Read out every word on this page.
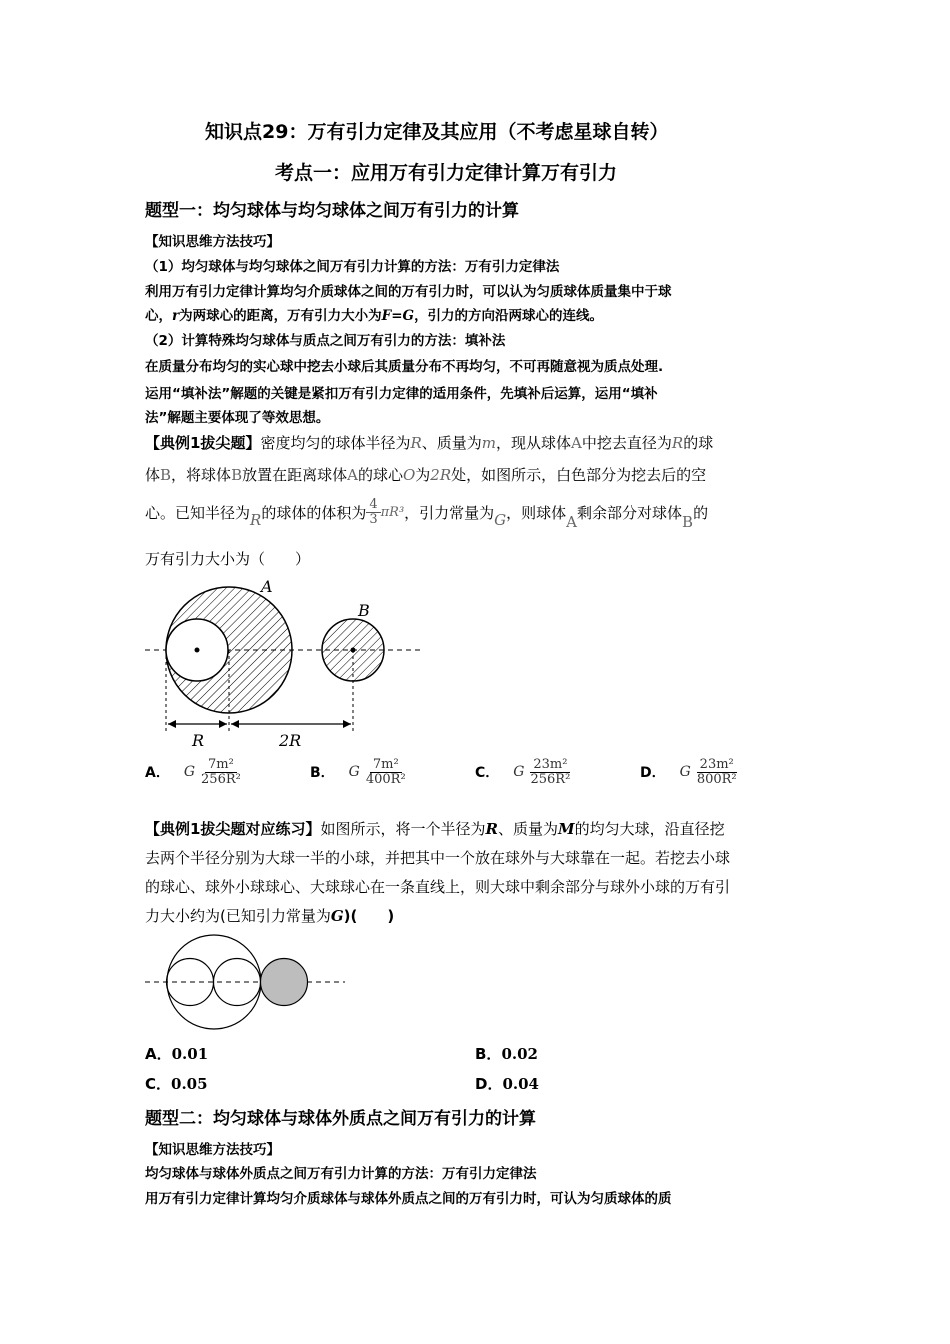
知识点29：万有引力定律及其应用（不考虑星球自转）
考点一：应用万有引力定律计算万有引力
题型一：均匀球体与均匀球体之间万有引力的计算
【知识思维方法技巧】
（1）均匀球体与均匀球体之间万有引力计算的方法：万有引力定律法
利用万有引力定律计算均匀介质球体之间的万有引力时，可以认为匀质球体质量集中于球
心，r为两球心的距离，万有引力大小为F=G，引力的方向沿两球心的连线。
（2）计算特殊均匀球体与质点之间万有引力的方法：填补法
在质量分布均匀的实心球中挖去小球后其质量分布不再均匀，不可再随意视为质点处理.
运用“填补法”解题的关键是紧扣万有引力定律的适用条件，先填补后运算，运用“填补
法”解题主要体现了等效思想。
【典例1拔尖题】密度均匀的球体半径为R、质量为m，现从球体A中挖去直径为R的球
体B，将球体B放置在距离球体A的球心O为2R处，如图所示，白色部分为挖去后的空
心。已知半径为 R 的球体的体积为 $\frac{4}{3} \pi R^3$ ，引力常量为 G ，则球体
A
剩余部分对球体
B
的
万有引力大小为（　　）
A
B
R	2R
A． G $\frac{\text{7m²}}{\text{256R²}}$	B． G $\frac{\text{7m²}}{\text{400R²}}$	C． G $\frac{\text{23m²}}{\text{256R²}}$	D． G $\frac{\text{23m²}}{\text{800R²}}$
【典例1拔尖题对应练习】如图所示，将一个半径为R、质量为M的均匀大球，沿直径挖
去两个半径分别为大球一半的小球，并把其中一个放在球外与大球靠在一起。若挖去小球
的球心、球外小球球心、大球球心在一条直线上，则大球中剩余部分与球外小球的万有引
力大小约为(已知引力常量为G)(　　)
A．0.01	B．0.02
C．0.05	D．0.04
题型二：均匀球体与球体外质点之间万有引力的计算
【知识思维方法技巧】
均匀球体与球体外质点之间万有引力计算的方法：万有引力定律法
用万有引力定律计算均匀介质球体与球体外质点之间的万有引力时，可认为匀质球体的质
